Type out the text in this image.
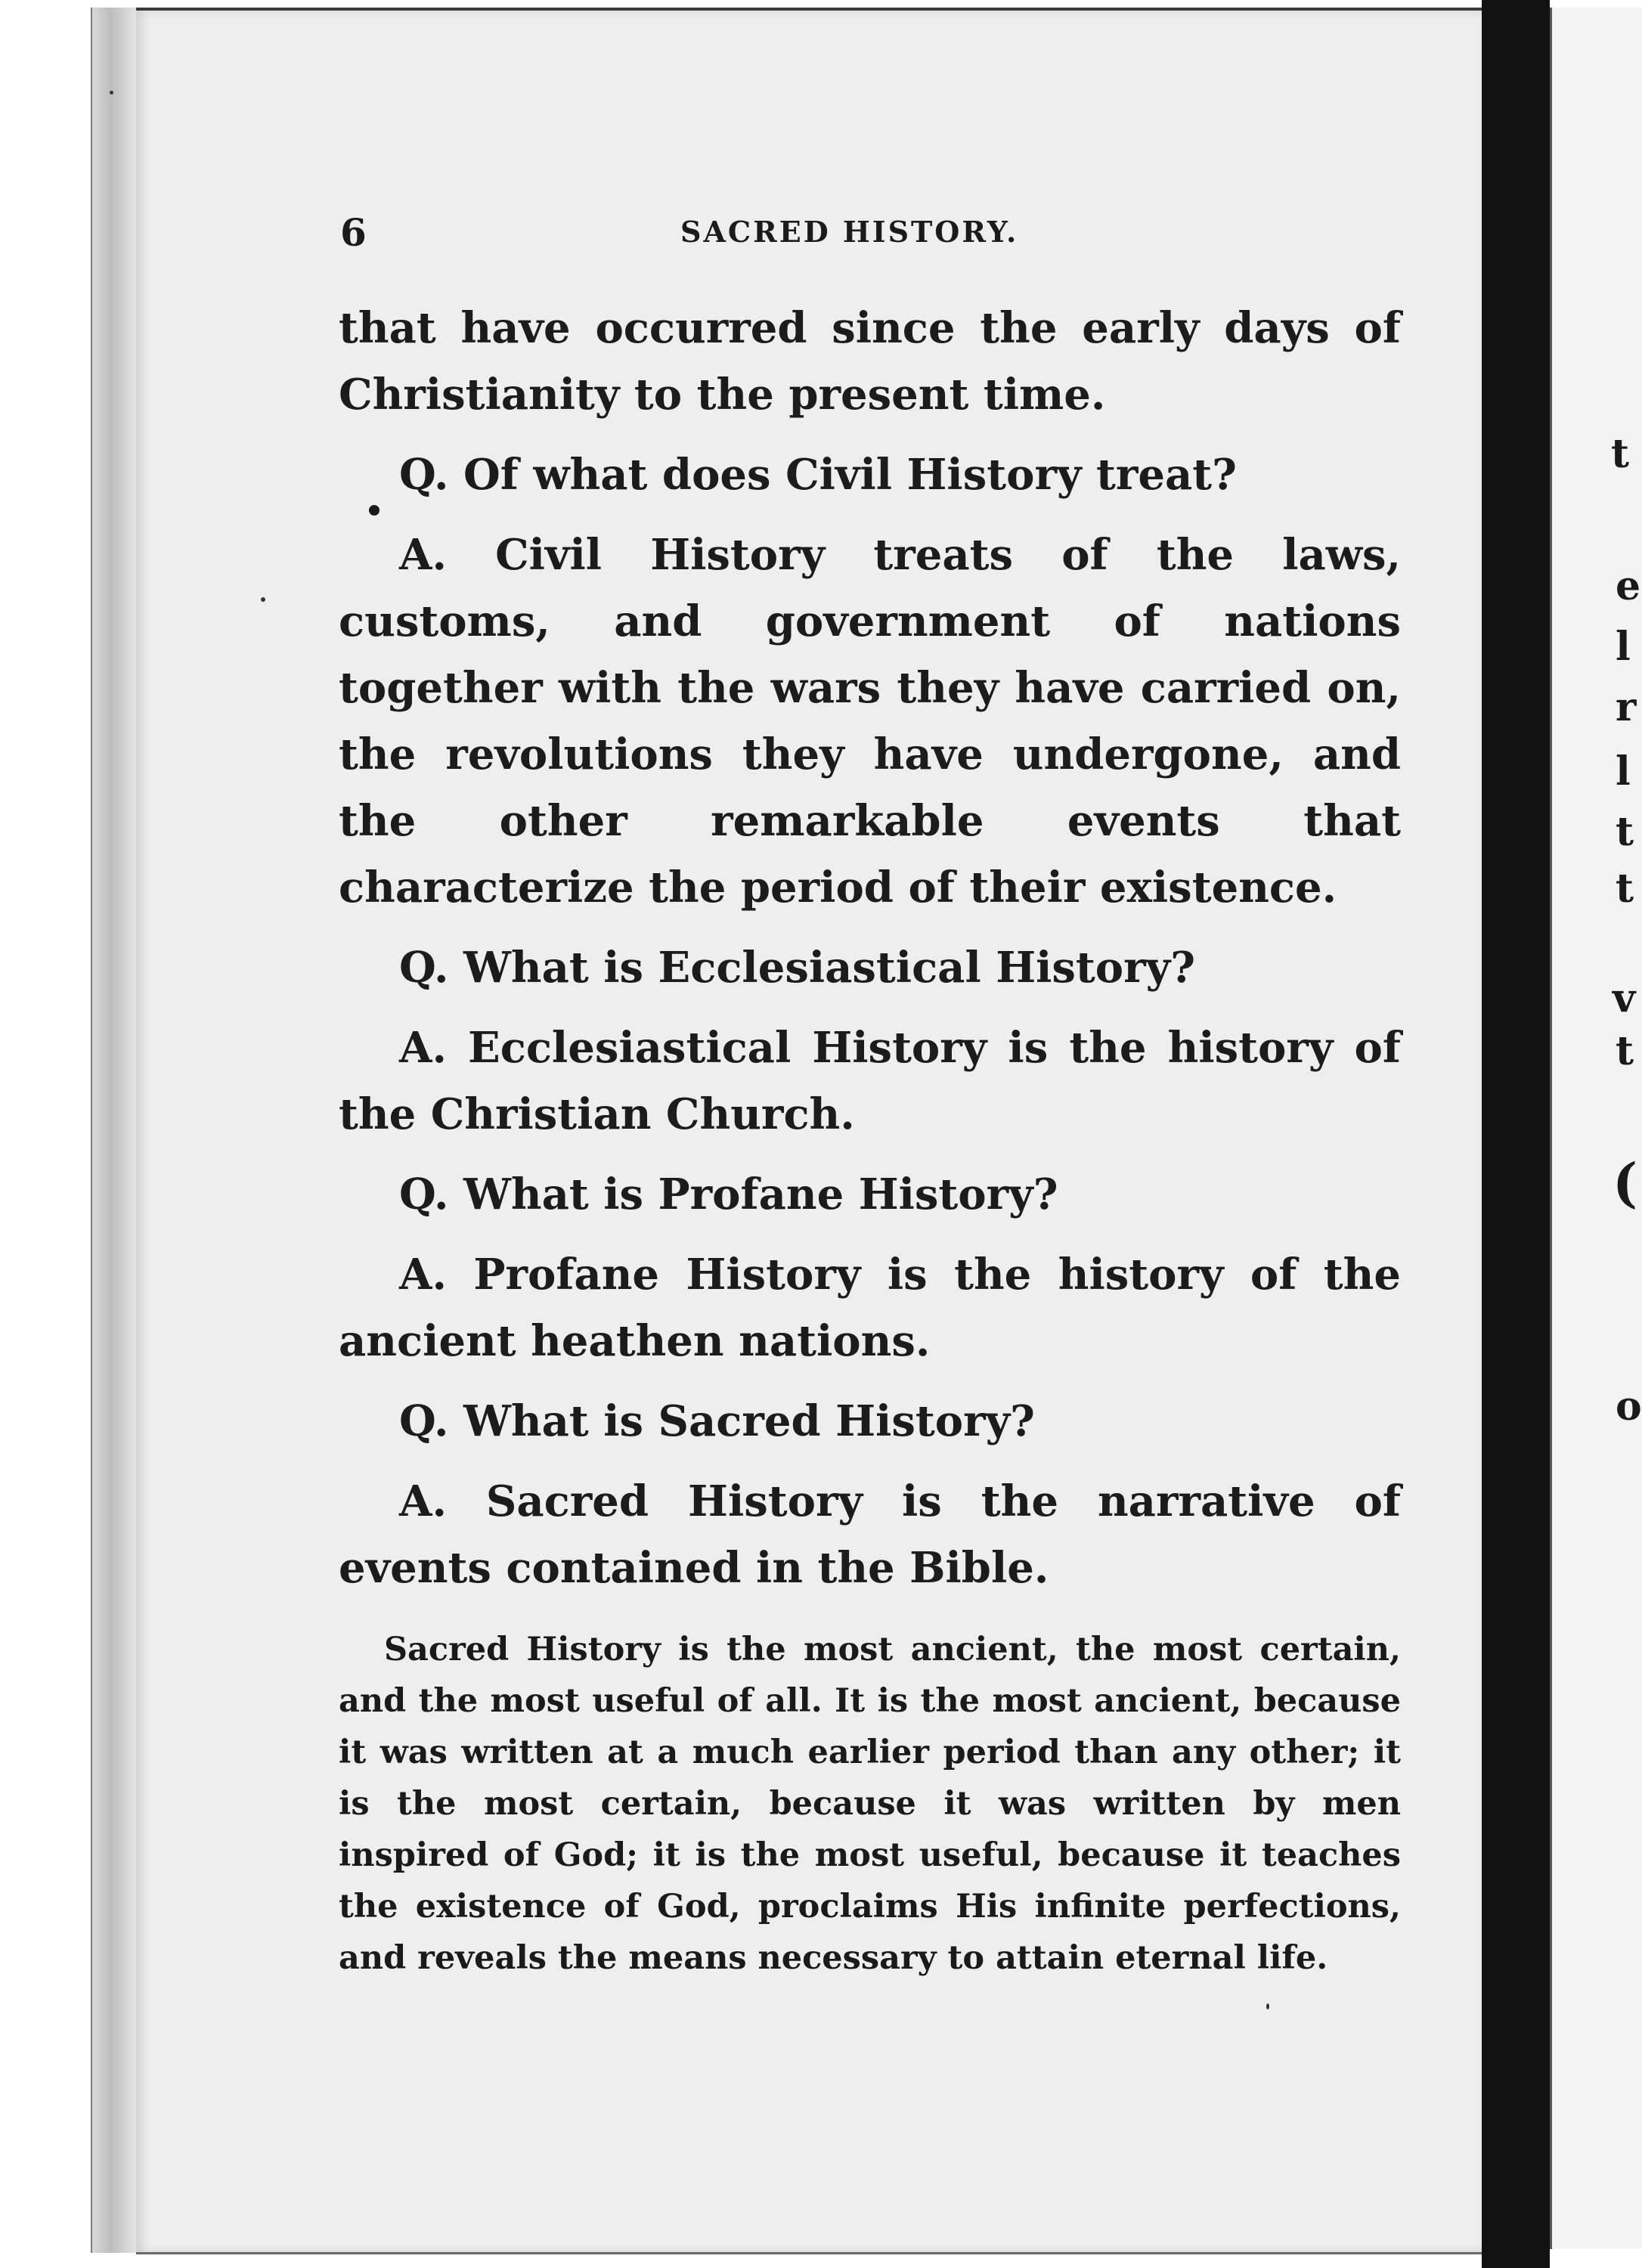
t
e
l
r
l
t
t
v
t
(
o
6	SACRED HISTORY.

that have occurred since the early days of Christianity to the present time.

Q. Of what does Civil History treat?

A. Civil History treats of the laws, customs, and government of nations together with the wars they have carried on, the revolutions they have undergone, and the other remarkable events that characterize the period of their existence.

Q. What is Ecclesiastical History?

A. Ecclesiastical History is the history of the Christian Church.

Q. What is Profane History?

A. Profane History is the history of the ancient heathen nations.

Q. What is Sacred History?

A. Sacred History is the narrative of events contained in the Bible.

Sacred History is the most ancient, the most certain, and the most useful of all. It is the most ancient, because it was written at a much earlier period than any other; it is the most certain, because it was written by men inspired of God; it is the most useful, because it teaches the existence of God, proclaims His infinite perfections, and reveals the means necessary to attain eternal life.
